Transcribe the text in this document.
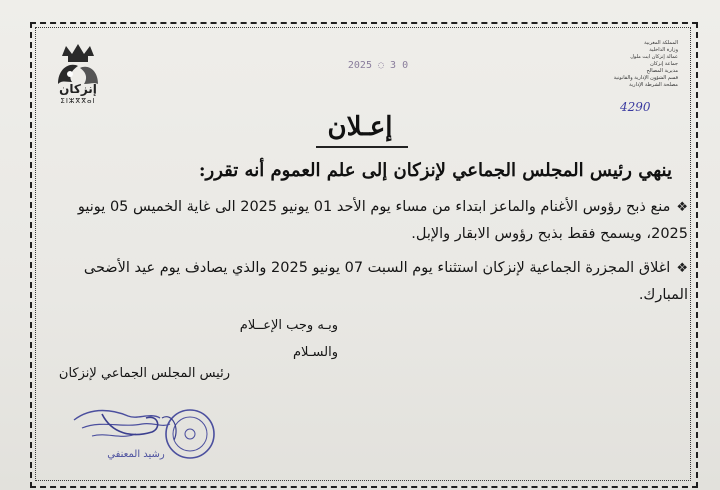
إنزكان
ⵉⵏⵣⴳⴳⴰⵏ
2025 ◌ 3 0
المملكة المغربية
وزارة الداخلية
عمالة إنزكان آيت ملول
جماعة إنزكان
مديرية المصالح
قسم الشؤون الإدارية والقانونية
مصلحة الشرطة الإدارية
4290
إعـلان
ينهي رئيس المجلس الجماعي لإنزكان إلى علم العموم أنه تقرر:
❖منع ذبح رؤوس الأغنام والماعز ابتداء من مساء يوم الأحد 01 يونيو 2025 الى غاية الخميس 05 يونيو 2025، ويسمح فقط بذبح رؤوس الابقار والإبل.
❖اغلاق المجزرة الجماعية لإنزكان استثناء يوم السبت 07 يونيو 2025 والذي يصادف يوم عيد الأضحى المبارك.
وبـه وجب الإعــلام
والسـلام
رئيس المجلس الجماعي لإنزكان
رشيد المعنفي
